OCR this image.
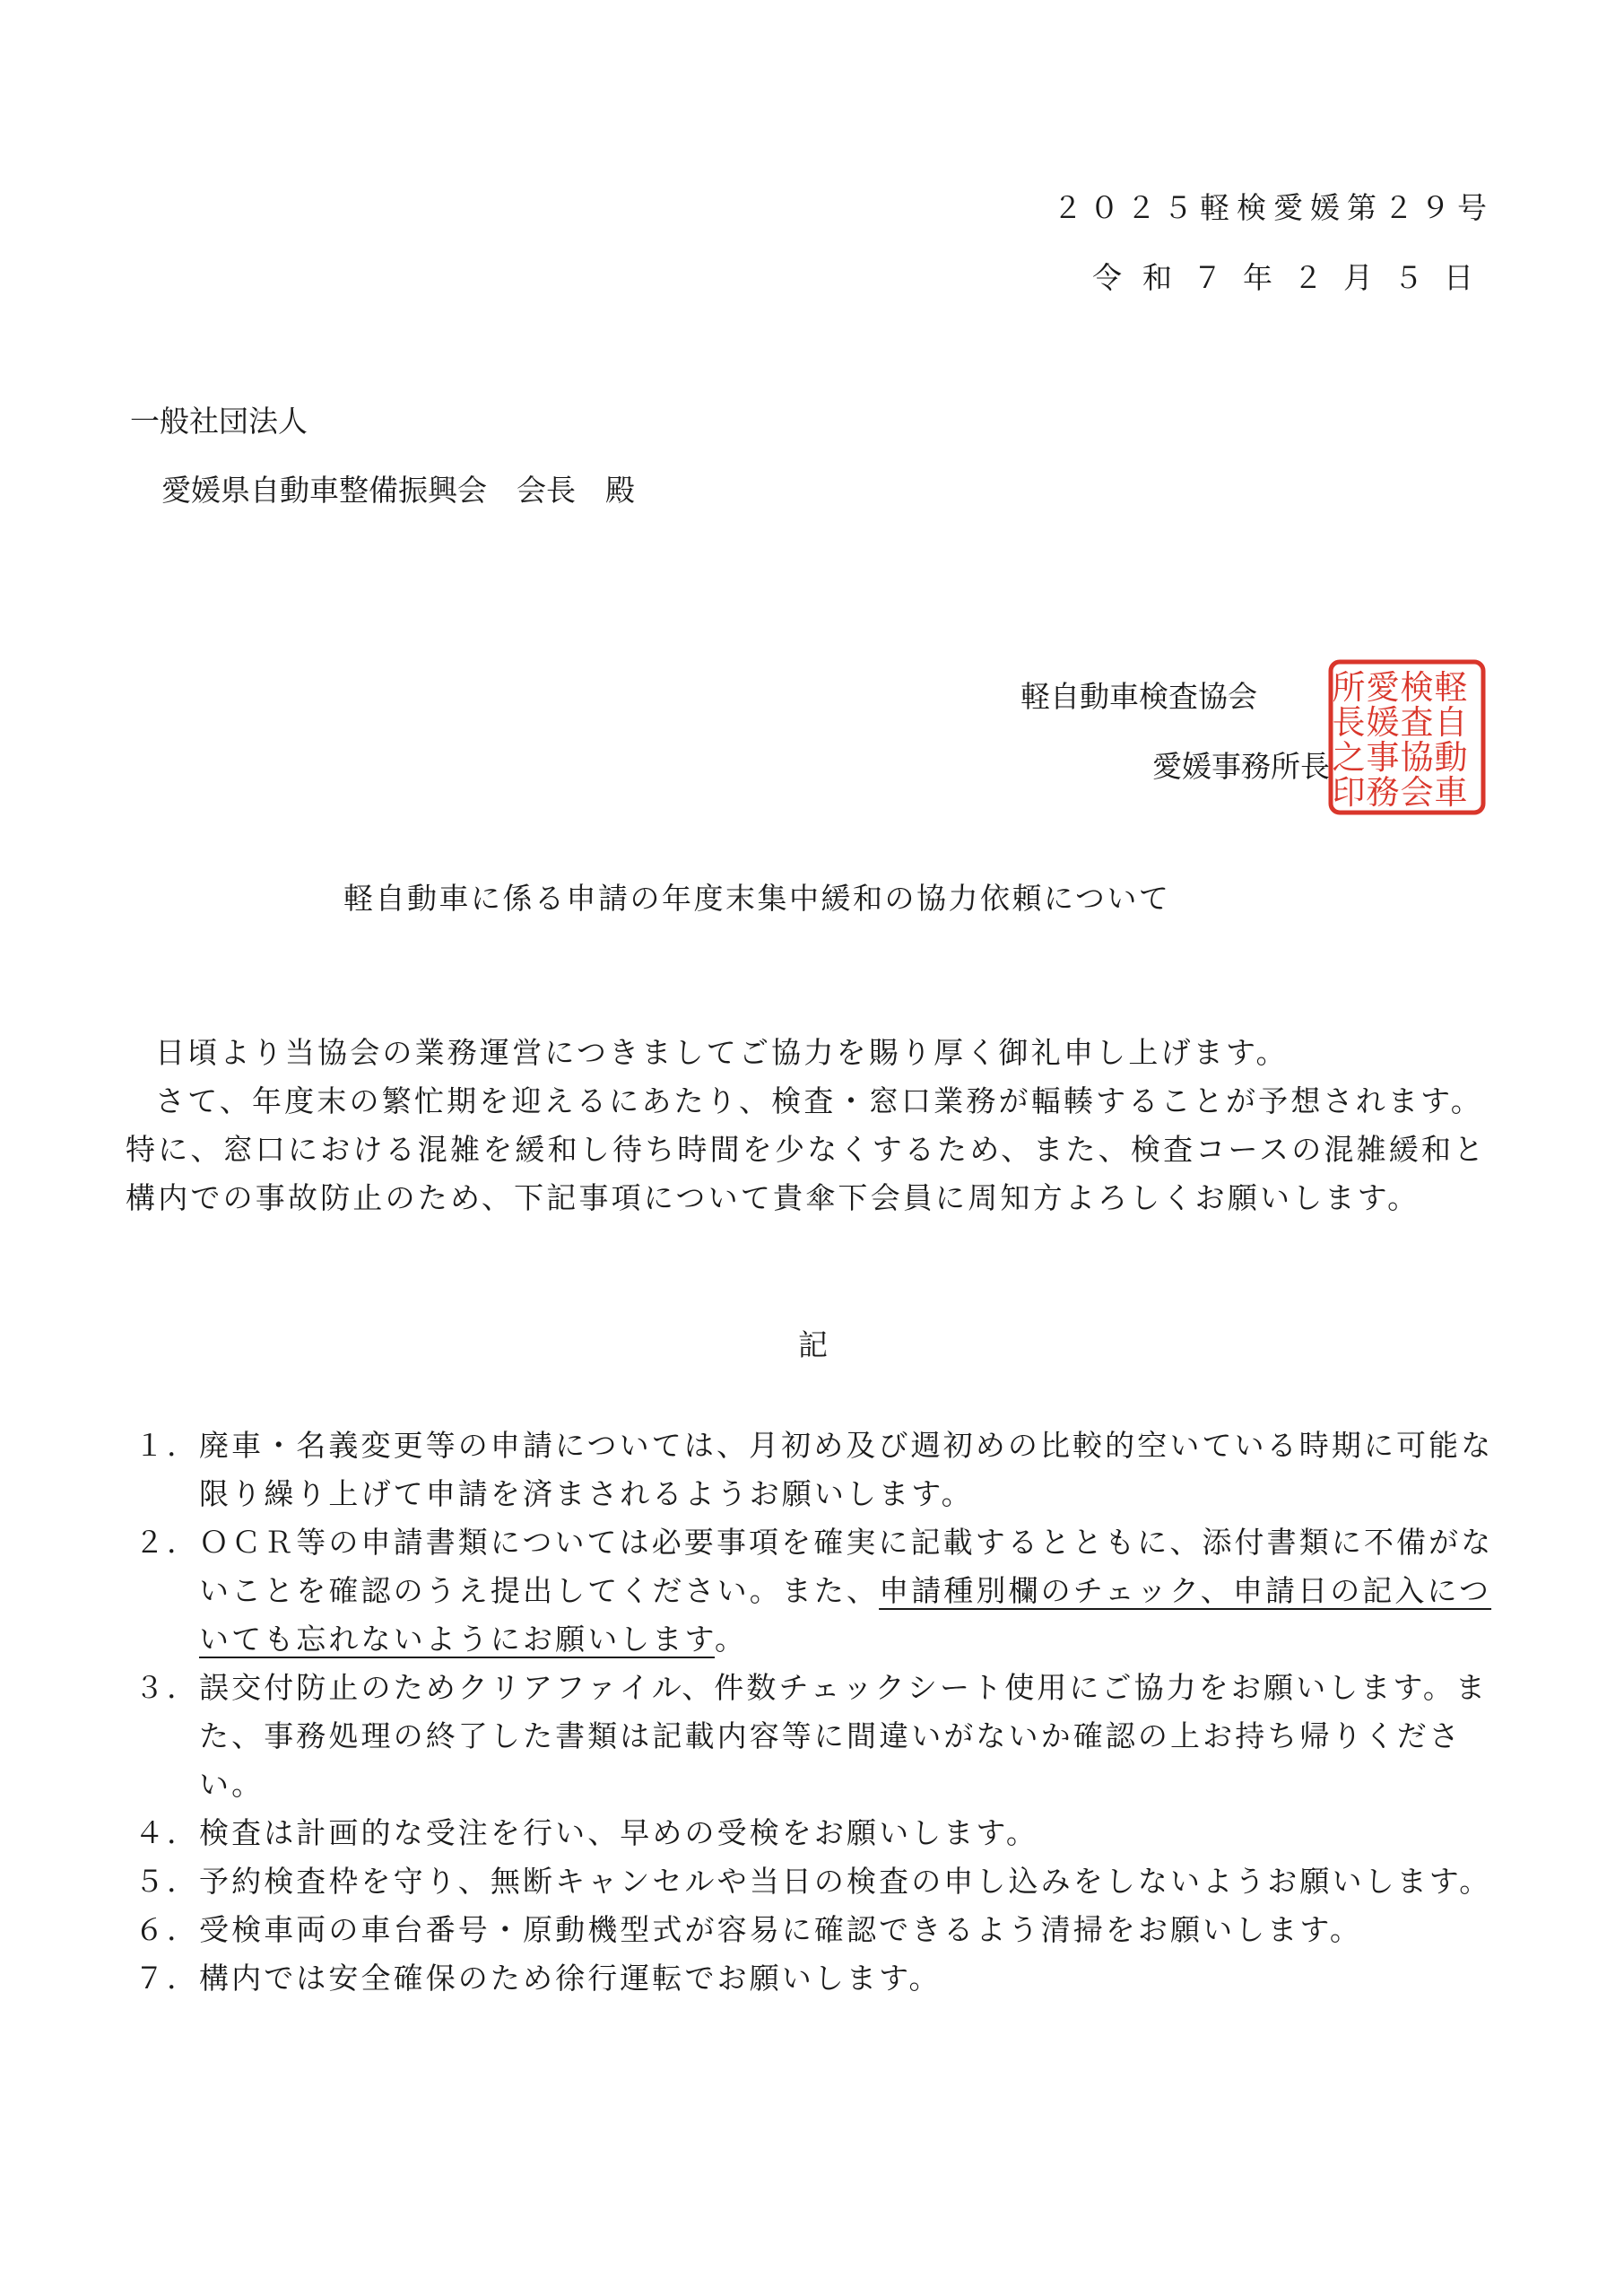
２０２５軽検愛媛第２９号
令和７年２月５日
一般社団法人
愛媛県自動車整備振興会　会長　殿
軽自動車検査協会
愛媛事務所長
軽
自
動
車
検
査
協
会
愛
媛
事
務
所
長
之
印
軽自動車に係る申請の年度末集中緩和の協力依頼について

日頃より当協会の業務運営につきましてご協力を賜り厚く御礼申し上げます。

さて、年度末の繁忙期を迎えるにあたり、検査・窓口業務が輻輳することが予想されます。特に、窓口における混雑を緩和し待ち時間を少なくするため、また、検査コースの混雑緩和と構内での事故防止のため、下記事項について貴傘下会員に周知方よろしくお願いします。

記
１． 廃車・名義変更等の申請については、月初め及び週初めの比較的空いている時期に可能な限り繰り上げて申請を済まされるようお願いします。
２． ＯＣＲ等の申請書類については必要事項を確実に記載するとともに、添付書類に不備がないことを確認のうえ提出してください。また、申請種別欄のチェック、申請日の記入についても忘れないようにお願いします。
３． 誤交付防止のためクリアファイル、件数チェックシート使用にご協力をお願いします。また、事務処理の終了した書類は記載内容等に間違いがないか確認の上お持ち帰りください。
４． 検査は計画的な受注を行い、早めの受検をお願いします。
５． 予約検査枠を守り、無断キャンセルや当日の検査の申し込みをしないようお願いします。
６． 受検車両の車台番号・原動機型式が容易に確認できるよう清掃をお願いします。
７． 構内では安全確保のため徐行運転でお願いします。
